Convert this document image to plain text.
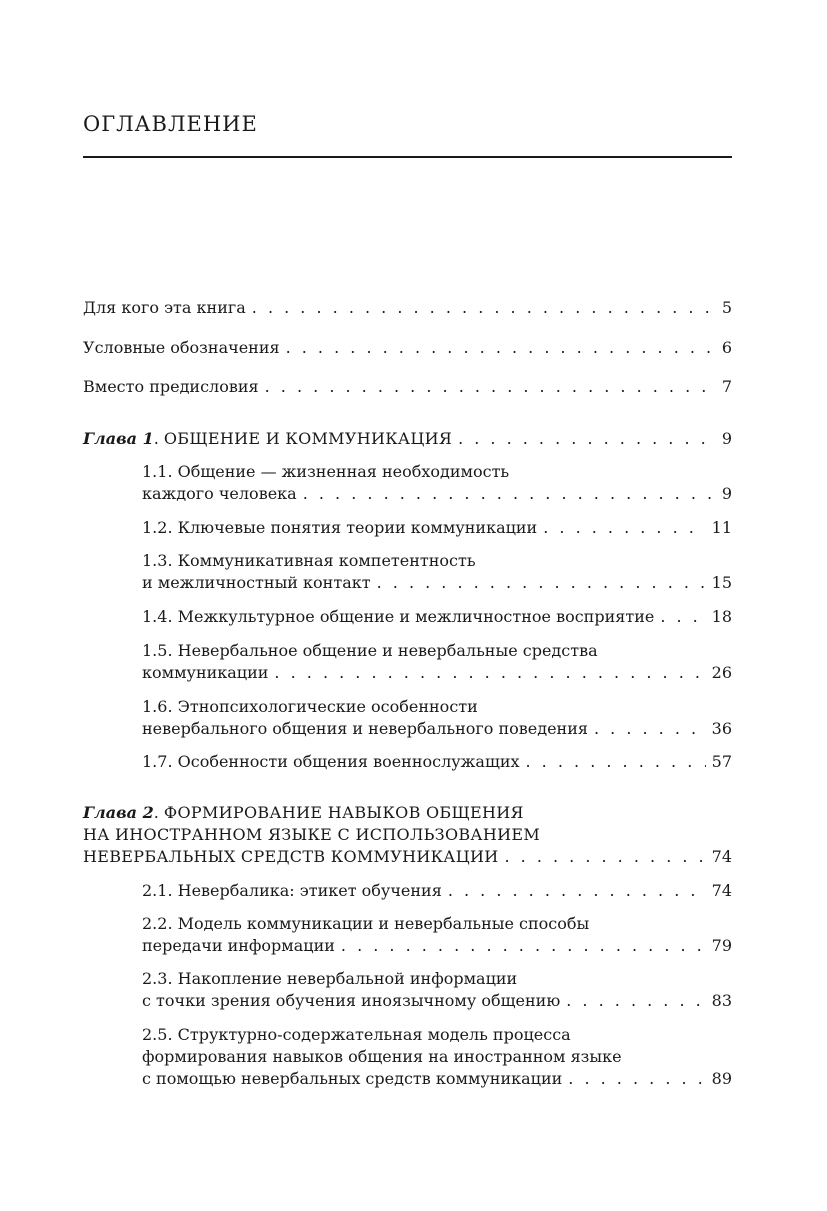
ОГЛАВЛЕНИЕ
Для кого эта книга . . .	5
Условные обозначения . . .	6
Вместо предисловия . . .	7
Глава 1. ОБЩЕНИЕ И КОММУНИКАЦИЯ . . .	9
1.1. Общение — жизненная необходимость
каждого человека . . .	9
1.2. Ключевые понятия теории коммуникации . . .	11
1.3. Коммуникативная компетентность
и межличностный контакт . . .	15
1.4. Межкультурное общение и межличностное восприятие . . .	18
1.5. Невербальное общение и невербальные средства
коммуникации . . .	26
1.6. Этнопсихологические особенности
невербального общения и невербального поведения . . .	36
1.7. Особенности общения военнослужащих . . .	57
Глава 2. ФОРМИРОВАНИЕ НАВЫКОВ ОБЩЕНИЯ
НА ИНОСТРАННОМ ЯЗЫКЕ С ИСПОЛЬЗОВАНИЕМ
НЕВЕРБАЛЬНЫХ СРЕДСТВ КОММУНИКАЦИИ . . .	74
2.1. Невербалика: этикет обучения . . .	74
2.2. Модель коммуникации и невербальные способы
передачи информации . . .	79
2.3. Накопление невербальной информации
с точки зрения обучения иноязычному общению . . .	83
2.5. Структурно-содержательная модель процесса
формирования навыков общения на иностранном языке
с помощью невербальных средств коммуникации . . .	89
